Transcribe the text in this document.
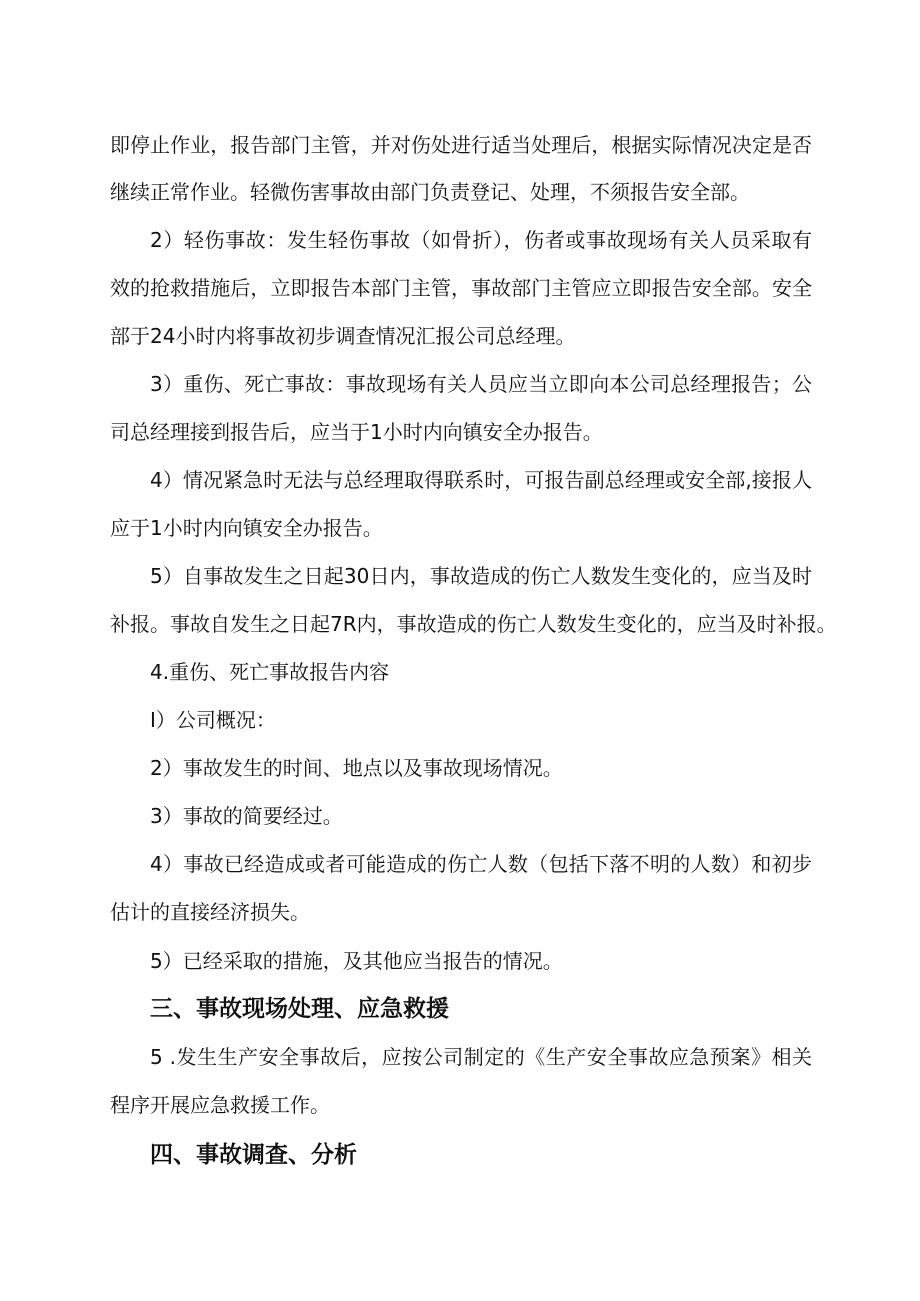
即停止作业，报告部门主管，并对伤处进行适当处理后，根据实际情况决定是否

继续正常作业。轻微伤害事故由部门负责登记、处理，不须报告安全部。

2）轻伤事故：发生轻伤事故（如骨折），伤者或事故现场有关人员采取有

效的抢救措施后，立即报告本部门主管，事故部门主管应立即报告安全部。安全

部于24小时内将事故初步调查情况汇报公司总经理。

3）重伤、死亡事故：事故现场有关人员应当立即向本公司总经理报告；公

司总经理接到报告后，应当于1小时内向镇安全办报告。

4）情况紧急时无法与总经理取得联系时，可报告副总经理或安全部,接报人

应于1小时内向镇安全办报告。

5）自事故发生之日起30日内，事故造成的伤亡人数发生变化的，应当及时

补报。事故自发生之日起7R内，事故造成的伤亡人数发生变化的，应当及时补报。

4.重伤、死亡事故报告内容

I）公司概况：

2）事故发生的时间、地点以及事故现场情况。

3）事故的简要经过。

4）事故已经造成或者可能造成的伤亡人数（包括下落不明的人数）和初步

估计的直接经济损失。

5）已经采取的措施，及其他应当报告的情况。

三、事故现场处理、应急救援

5 .发生生产安全事故后，应按公司制定的《生产安全事故应急预案》相关

程序开展应急救援工作。

四、事故调查、分析
